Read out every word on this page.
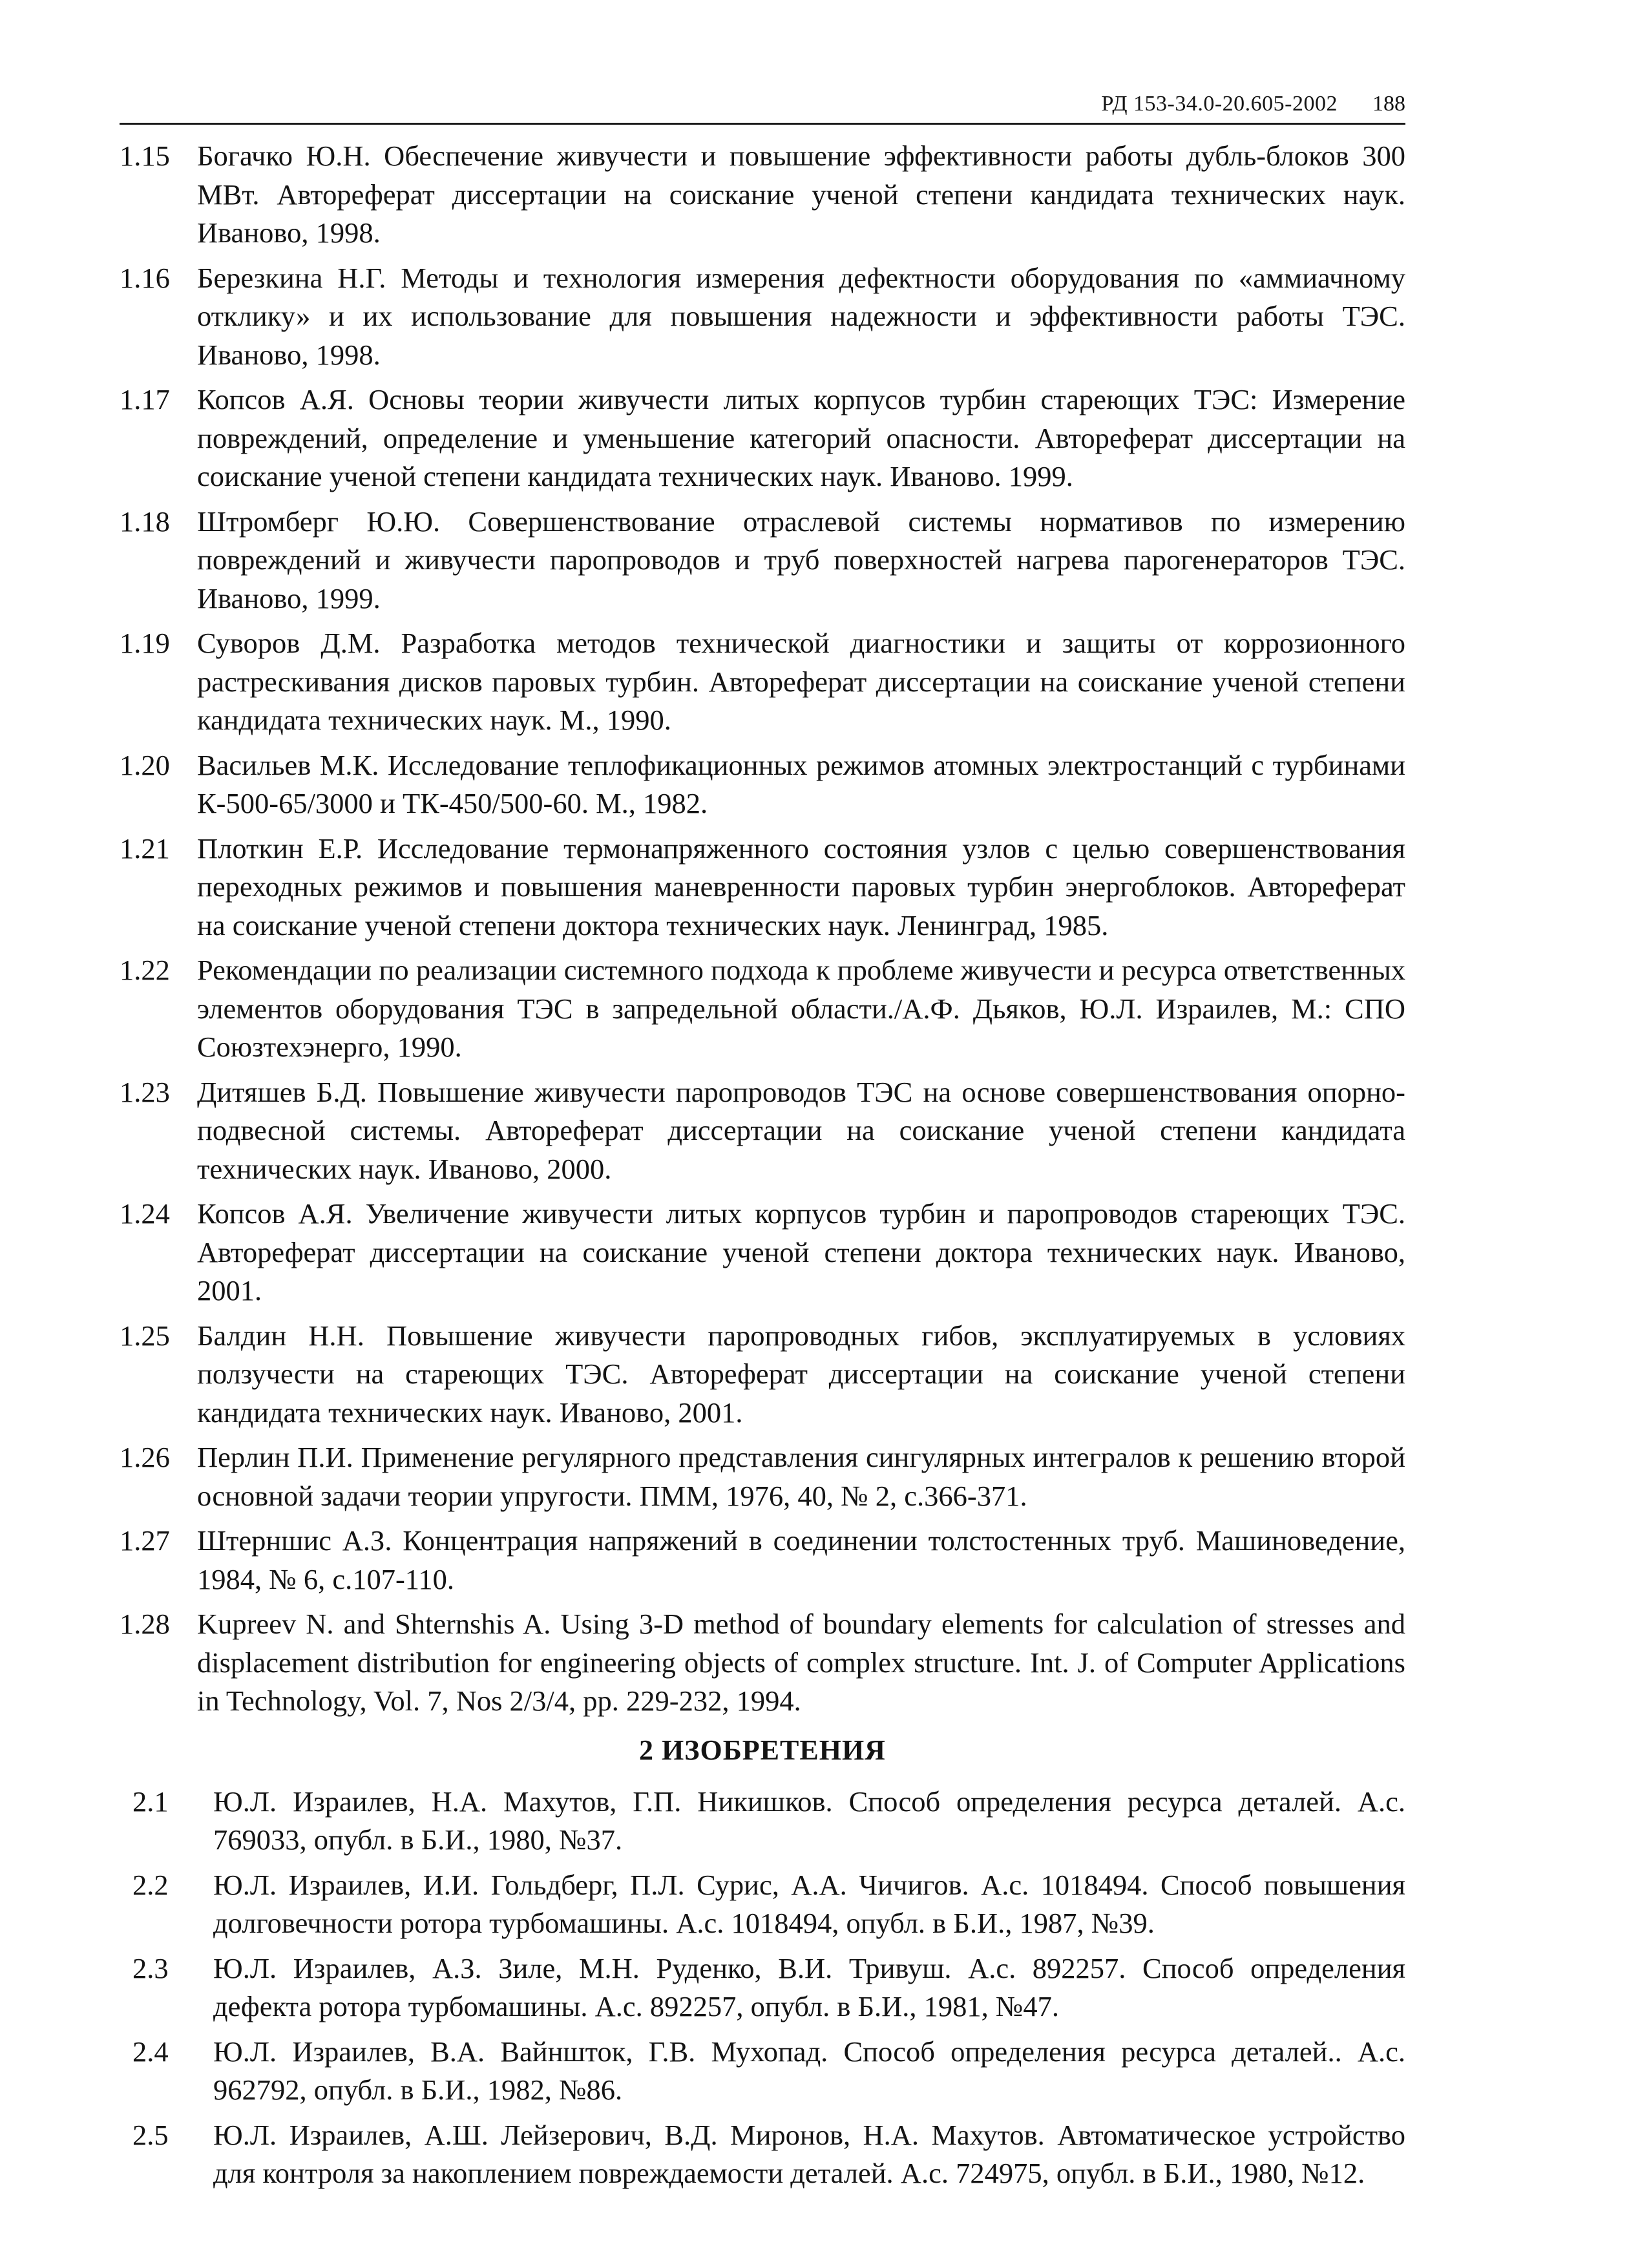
РД 153-34.0-20.605-2002 188
1.15 Богачко Ю.Н. Обеспечение живучести и повышение эффективности работы дубль-блоков 300 МВт. Автореферат диссертации на соискание ученой степени кандидата технических наук. Иваново, 1998.
1.16 Березкина Н.Г. Методы и технология измерения дефектности оборудования по «аммиачному отклику» и их использование для повышения надежности и эффективности работы ТЭС. Иваново, 1998.
1.17 Копсов А.Я. Основы теории живучести литых корпусов турбин стареющих ТЭС: Измерение повреждений, определение и уменьшение категорий опасности. Автореферат диссертации на соискание ученой степени кандидата технических наук. Иваново. 1999.
1.18 Штромберг Ю.Ю. Совершенствование отраслевой системы нормативов по измерению повреждений и живучести паропроводов и труб поверхностей нагрева парогенераторов ТЭС. Иваново, 1999.
1.19 Суворов Д.М. Разработка методов технической диагностики и защиты от коррозионного растрескивания дисков паровых турбин. Автореферат диссертации на соискание ученой степени кандидата технических наук. М., 1990.
1.20 Васильев М.К. Исследование теплофикационных режимов атомных электростанций с турбинами К-500-65/3000 и ТК-450/500-60. М., 1982.
1.21 Плоткин Е.Р. Исследование термонапряженного состояния узлов с целью совершенствования переходных режимов и повышения маневренности паровых турбин энергоблоков. Автореферат на соискание ученой степени доктора технических наук. Ленинград, 1985.
1.22 Рекомендации по реализации системного подхода к проблеме живучести и ресурса ответственных элементов оборудования ТЭС в запредельной области./А.Ф. Дьяков, Ю.Л. Израилев, М.: СПО Союзтехэнерго, 1990.
1.23 Дитяшев Б.Д. Повышение живучести паропроводов ТЭС на основе совершенствования опорно-подвесной системы. Автореферат диссертации на соискание ученой степени кандидата технических наук. Иваново, 2000.
1.24 Копсов А.Я. Увеличение живучести литых корпусов турбин и паропроводов стареющих ТЭС. Автореферат диссертации на соискание ученой степени доктора технических наук. Иваново, 2001.
1.25 Балдин Н.Н. Повышение живучести паропроводных гибов, эксплуатируемых в условиях ползучести на стареющих ТЭС. Автореферат диссертации на соискание ученой степени кандидата технических наук. Иваново, 2001.
1.26 Перлин П.И. Применение регулярного представления сингулярных интегралов к решению второй основной задачи теории упругости. ПММ, 1976, 40, № 2, с.366-371.
1.27 Штерншис А.З. Концентрация напряжений в соединении толстостенных труб. Машиноведение, 1984, № 6, с.107-110.
1.28 Kupreev N. and Shternshis A. Using 3-D method of boundary elements for calculation of stresses and displacement distribution for engineering objects of complex structure. Int. J. of Computer Applications in Technology, Vol. 7, Nos 2/3/4, pp. 229-232, 1994.
2 ИЗОБРЕТЕНИЯ
2.1 Ю.Л. Израилев, Н.А. Махутов, Г.П. Никишков. Способ определения ресурса деталей. А.с. 769033, опубл. в Б.И., 1980, №37.
2.2 Ю.Л. Израилев, И.И. Гольдберг, П.Л. Сурис, А.А. Чичигов. А.с. 1018494. Способ повышения долговечности ротора турбомашины. А.с. 1018494, опубл. в Б.И., 1987, №39.
2.3 Ю.Л. Израилев, А.З. Зиле, М.Н. Руденко, В.И. Тривуш. А.с. 892257. Способ определения дефекта ротора турбомашины. А.с. 892257, опубл. в Б.И., 1981, №47.
2.4 Ю.Л. Израилев, В.А. Вайншток, Г.В. Мухопад. Способ определения ресурса деталей.. А.с. 962792, опубл. в Б.И., 1982, №86.
2.5 Ю.Л. Израилев, А.Ш. Лейзерович, В.Д. Миронов, Н.А. Махутов. Автоматическое устройство для контроля за накоплением повреждаемости деталей. А.с. 724975, опубл. в Б.И., 1980, №12.
